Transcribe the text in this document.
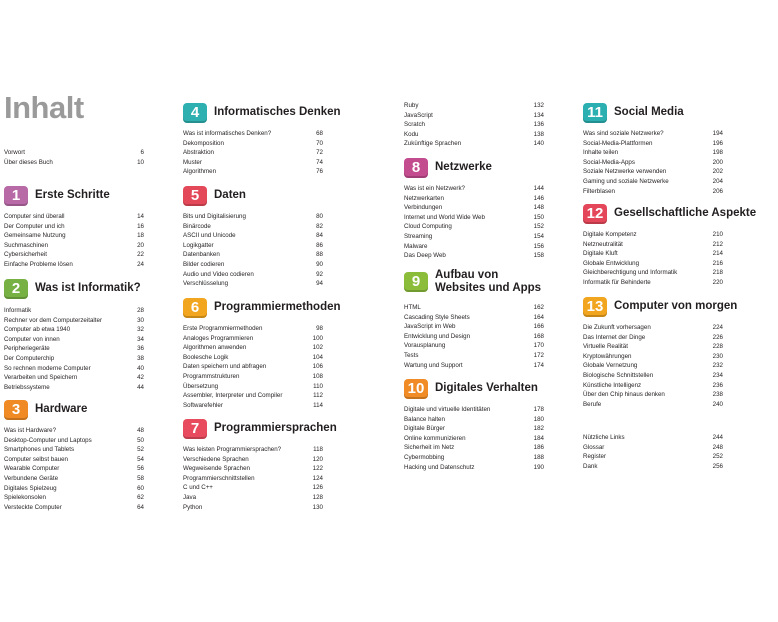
Inhalt
Vorwort	6
Über dieses Buch	10
1	Erste Schritte
Computer sind überall	14
Der Computer und ich	16
Gemeinsame Nutzung	18
Suchmaschinen	20
Cybersicherheit	22
Einfache Probleme lösen	24
2	Was ist Informatik?
Informatik	28
Rechner vor dem Computerzeitalter	30
Computer ab etwa 1940	32
Computer von innen	34
Peripheriegeräte	36
Der Computerchip	38
So rechnen moderne Computer	40
Verarbeiten und Speichern	42
Betriebssysteme	44
3	Hardware
Was ist Hardware?	48
Desktop-Computer und Laptops	50
Smartphones und Tablets	52
Computer selbst bauen	54
Wearable Computer	56
Verbundene Geräte	58
Digitales Spielzeug	60
Spielekonsolen	62
Versteckte Computer	64
4	Informatisches Denken
Was ist informatisches Denken?	68
Dekomposition	70
Abstraktion	72
Muster	74
Algorithmen	76
5	Daten
Bits und Digitalisierung	80
Binärcode	82
ASCII und Unicode	84
Logikgatter	86
Datenbanken	88
Bilder codieren	90
Audio und Video codieren	92
Verschlüsselung	94
6	Programmiermethoden
Erste Programmiermethoden	98
Analoges Programmieren	100
Algorithmen anwenden	102
Boolesche Logik	104
Daten speichern und abfragen	106
Programmstrukturen	108
Übersetzung	110
Assembler, Interpreter und Compiler	112
Softwarefehler	114
7	Programmiersprachen
Was leisten Programmiersprachen?	118
Verschiedene Sprachen	120
Wegweisende Sprachen	122
Programmierschnittstellen	124
C und C++	126
Java	128
Python	130
Ruby	132
JavaScript	134
Scratch	136
Kodu	138
Zukünftige Sprachen	140
8	Netzwerke
Was ist ein Netzwerk?	144
Netzwerkarten	146
Verbindungen	148
Internet und World Wide Web	150
Cloud Computing	152
Streaming	154
Malware	156
Das Deep Web	158
9	Aufbau von
Websites und Apps
HTML	162
Cascading Style Sheets	164
JavaScript im Web	166
Entwicklung und Design	168
Vorausplanung	170
Tests	172
Wartung und Support	174
10 Digitales Verhalten
Digitale und virtuelle Identitäten	178
Balance halten	180
Digitale Bürger	182
Online kommunizieren	184
Sicherheit im Netz	186
Cybermobbing	188
Hacking und Datenschutz	190
11 Social Media
Was sind soziale Netzwerke?	194
Social-Media-Plattformen	196
Inhalte teilen	198
Social-Media-Apps	200
Soziale Netzwerke verwenden	202
Gaming und soziale Netzwerke	204
Filterblasen	206
12 Gesellschaftliche Aspekte
Digitale Kompetenz	210
Netzneutralität	212
Digitale Kluft	214
Globale Entwicklung	216
Gleichberechtigung und Informatik	218
Informatik für Behinderte	220
13 Computer von morgen
Die Zukunft vorhersagen	224
Das Internet der Dinge	226
Virtuelle Realität	228
Kryptowährungen	230
Globale Vernetzung	232
Biologische Schnittstellen	234
Künstliche Intelligenz	236
Über den Chip hinaus denken	238
Berufe	240
Nützliche Links	244
Glossar	248
Register	252
Dank	256
